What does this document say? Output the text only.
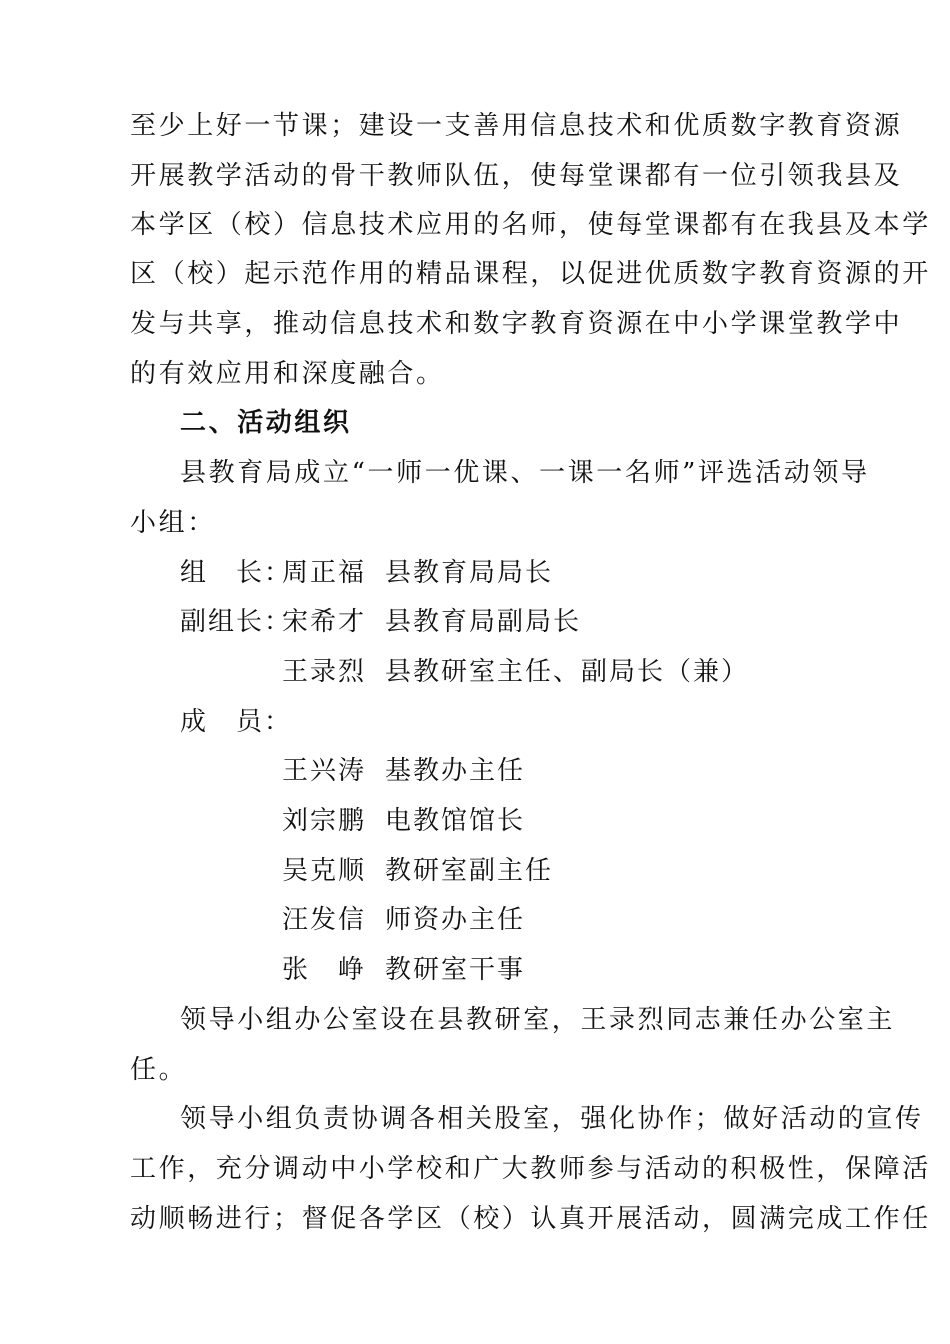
至少上好一节课；建设一支善用信息技术和优质数字教育资源
开展教学活动的骨干教师队伍，使每堂课都有一位引领我县及
本学区（校）信息技术应用的名师，使每堂课都有在我县及本学
区（校）起示范作用的精品课程，以促进优质数字教育资源的开
发与共享，推动信息技术和数字教育资源在中小学课堂教学中
的有效应用和深度融合。
二、活动组织
县教育局成立“一师一优课、一课一名师”评选活动领导
小组：
组　长：
周正福 县教育局局长
副组长：
宋希才 县教育局副局长
王录烈 县教研室主任、副局长（兼）
成　员：
王兴涛 基教办主任
刘宗鹏 电教馆馆长
吴克顺 教研室副主任
汪发信 师资办主任
张　峥 教研室干事
领导小组办公室设在县教研室，王录烈同志兼任办公室主
任。
领导小组负责协调各相关股室，强化协作；做好活动的宣传
工作，充分调动中小学校和广大教师参与活动的积极性，保障活
动顺畅进行；督促各学区（校）认真开展活动，圆满完成工作任
